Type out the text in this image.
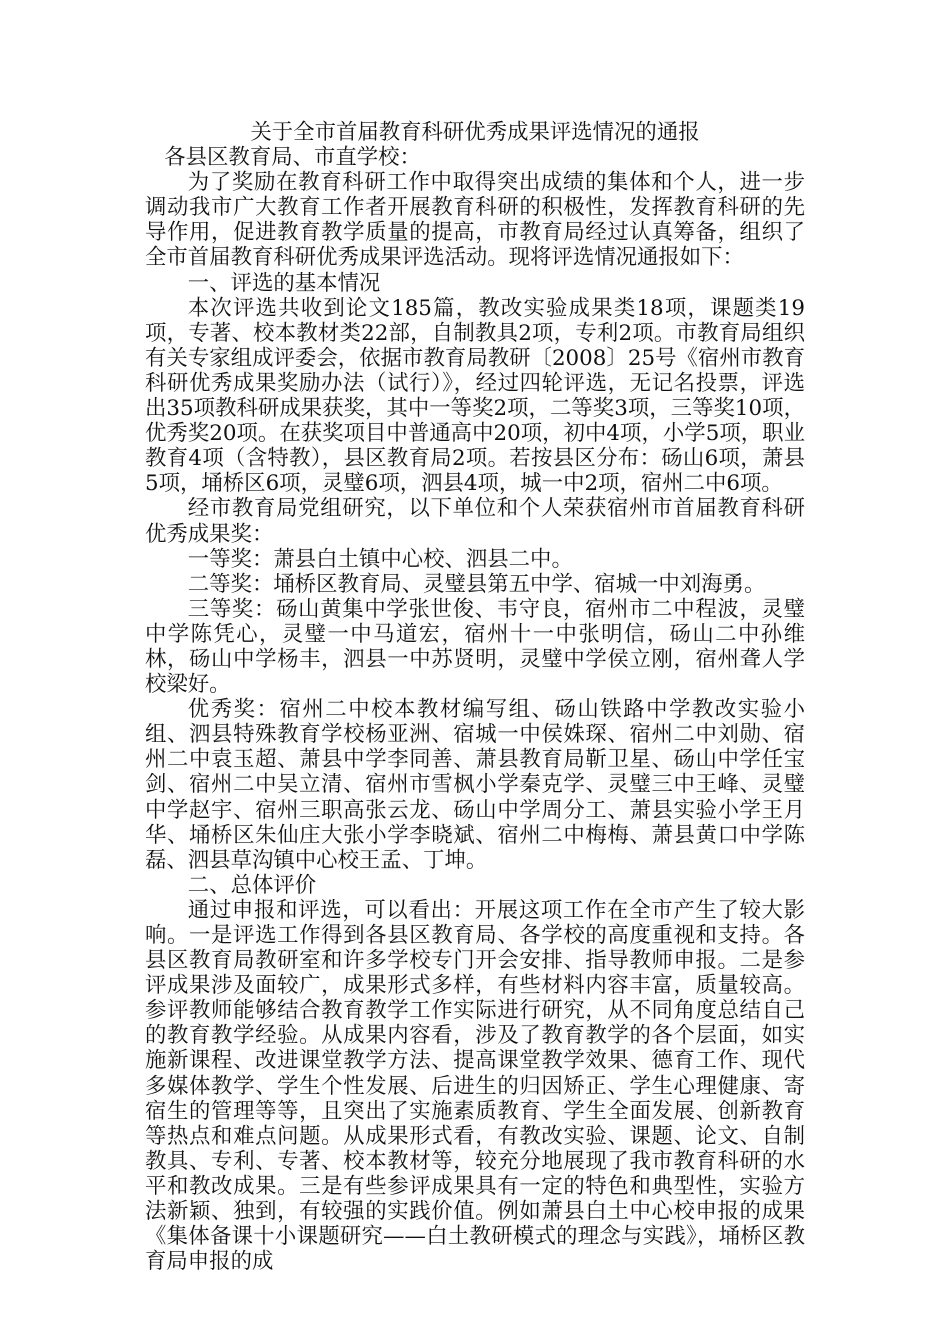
关于全市首届教育科研优秀成果评选情况的通报

各县区教育局、市直学校：

为了奖励在教育科研工作中取得突出成绩的集体和个人，进一步调动我市广大教育工作者开展教育科研的积极性，发挥教育科研的先导作用，促进教育教学质量的提高，市教育局经过认真筹备，组织了全市首届教育科研优秀成果评选活动。现将评选情况通报如下：

一、评选的基本情况

本次评选共收到论文185篇，教改实验成果类18项，课题类19项，专著、校本教材类22部，自制教具2项，专利2项。市教育局组织有关专家组成评委会，依据市教育局教研〔2008〕25号《宿州市教育科研优秀成果奖励办法（试行）》，经过四轮评选，无记名投票，评选出35项教科研成果获奖，其中一等奖2项，二等奖3项，三等奖10项，优秀奖20项。在获奖项目中普通高中20项，初中4项，小学5项，职业教育4项（含特教），县区教育局2项。若按县区分布：砀山6项，萧县5项，埇桥区6项，灵璧6项，泗县4项，城一中2项，宿州二中6项。

经市教育局党组研究，以下单位和个人荣获宿州市首届教育科研优秀成果奖：

一等奖：萧县白土镇中心校、泗县二中。

二等奖：埇桥区教育局、灵璧县第五中学、宿城一中刘海勇。

三等奖：砀山黄集中学张世俊、韦守良，宿州市二中程波，灵璧中学陈凭心，灵璧一中马道宏，宿州十一中张明信，砀山二中孙维林，砀山中学杨丰，泗县一中苏贤明，灵璧中学侯立刚，宿州聋人学校梁好。

优秀奖：宿州二中校本教材编写组、砀山铁路中学教改实验小组、泗县特殊教育学校杨亚洲、宿城一中侯姝琛、宿州二中刘勋、宿州二中袁玉超、萧县中学李同善、萧县教育局靳卫星、砀山中学任宝剑、宿州二中吴立清、宿州市雪枫小学秦克学、灵璧三中王峰、灵璧中学赵宇、宿州三职高张云龙、砀山中学周分工、萧县实验小学王月华、埇桥区朱仙庄大张小学李晓斌、宿州二中梅梅、萧县黄口中学陈磊、泗县草沟镇中心校王孟、丁坤。

二、总体评价

通过申报和评选，可以看出：开展这项工作在全市产生了较大影响。一是评选工作得到各县区教育局、各学校的高度重视和支持。各县区教育局教研室和许多学校专门开会安排、指导教师申报。二是参评成果涉及面较广，成果形式多样，有些材料内容丰富，质量较高。参评教师能够结合教育教学工作实际进行研究，从不同角度总结自己的教育教学经验。从成果内容看，涉及了教育教学的各个层面，如实施新课程、改进课堂教学方法、提高课堂教学效果、德育工作、现代多媒体教学、学生个性发展、后进生的归因矫正、学生心理健康、寄宿生的管理等等，且突出了实施素质教育、学生全面发展、创新教育等热点和难点问题。从成果形式看，有教改实验、课题、论文、自制教具、专利、专著、校本教材等，较充分地展现了我市教育科研的水平和教改成果。三是有些参评成果具有一定的特色和典型性，实验方法新颖、独到，有较强的实践价值。例如萧县白土中心校申报的成果《集体备课十小课题研究——白土教研模式的理念与实践》，埇桥区教育局申报的成
